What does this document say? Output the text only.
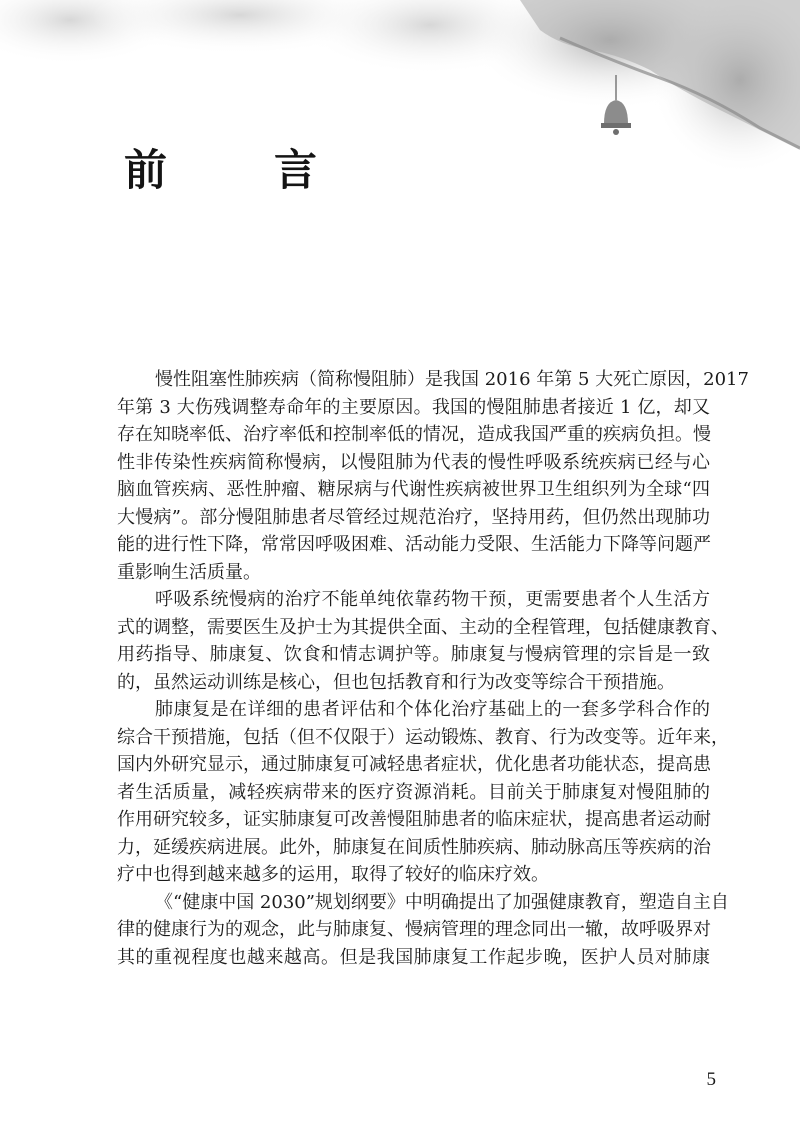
前　言
慢性阻塞性肺疾病（简称慢阻肺）是我国 2016 年第 5 大死亡原因，2017
年第 3 大伤残调整寿命年的主要原因。我国的慢阻肺患者接近 1 亿，却又
存在知晓率低、治疗率低和控制率低的情况，造成我国严重的疾病负担。慢
性非传染性疾病简称慢病，以慢阻肺为代表的慢性呼吸系统疾病已经与心
脑血管疾病、恶性肿瘤、糖尿病与代谢性疾病被世界卫生组织列为全球“四
大慢病”。部分慢阻肺患者尽管经过规范治疗，坚持用药，但仍然出现肺功
能的进行性下降，常常因呼吸困难、活动能力受限、生活能力下降等问题严
重影响生活质量。
呼吸系统慢病的治疗不能单纯依靠药物干预，更需要患者个人生活方
式的调整，需要医生及护士为其提供全面、主动的全程管理，包括健康教育、
用药指导、肺康复、饮食和情志调护等。肺康复与慢病管理的宗旨是一致
的，虽然运动训练是核心，但也包括教育和行为改变等综合干预措施。
肺康复是在详细的患者评估和个体化治疗基础上的一套多学科合作的
综合干预措施，包括（但不仅限于）运动锻炼、教育、行为改变等。近年来，
国内外研究显示，通过肺康复可减轻患者症状，优化患者功能状态，提高患
者生活质量，减轻疾病带来的医疗资源消耗。目前关于肺康复对慢阻肺的
作用研究较多，证实肺康复可改善慢阻肺患者的临床症状，提高患者运动耐
力，延缓疾病进展。此外，肺康复在间质性肺疾病、肺动脉高压等疾病的治
疗中也得到越来越多的运用，取得了较好的临床疗效。
《“健康中国 2030”规划纲要》中明确提出了加强健康教育，塑造自主自
律的健康行为的观念，此与肺康复、慢病管理的理念同出一辙，故呼吸界对
其的重视程度也越来越高。但是我国肺康复工作起步晚，医护人员对肺康
5
